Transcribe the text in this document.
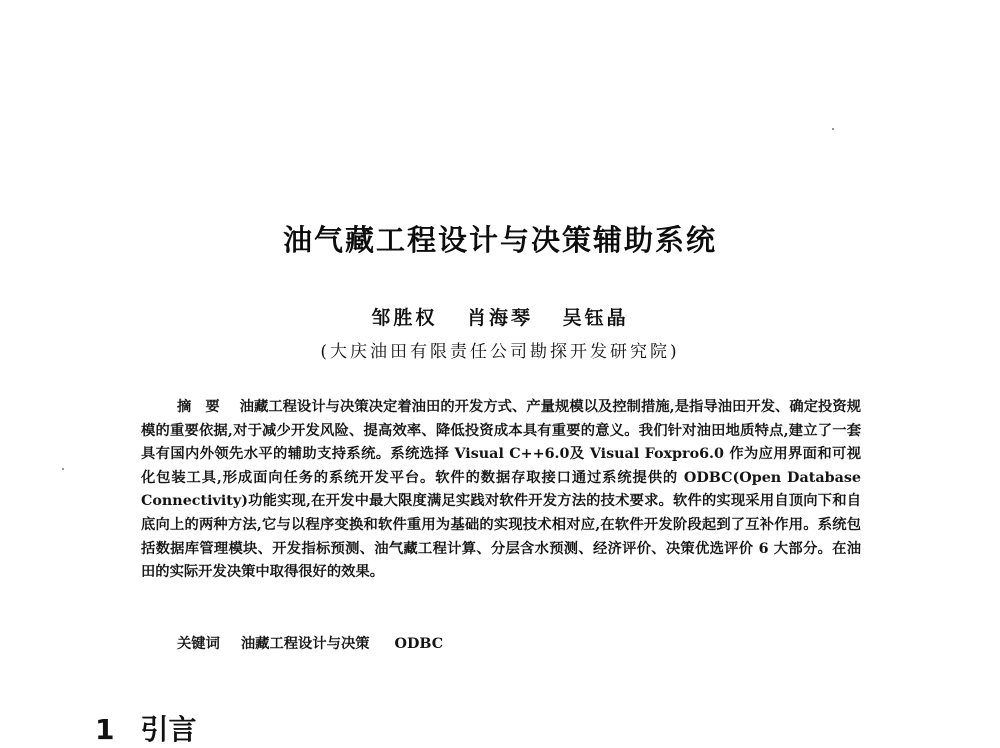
油气藏工程设计与决策辅助系统
邹胜权 肖海琴 吴钰晶
(大庆油田有限责任公司勘探开发研究院)

摘要 油藏工程设计与决策决定着油田的开发方式、产量规模以及控制措施,是指导油田开发、确定投资规模的重要依据,对于减少开发风险、提高效率、降低投资成本具有重要的意义。我们针对油田地质特点,建立了一套具有国内外领先水平的辅助支持系统。系统选择 Visual C++6.0及 Visual Foxpro6.0 作为应用界面和可视化包装工具,形成面向任务的系统开发平台。软件的数据存取接口通过系统提供的 ODBC(Open Database Connectivity)功能实现,在开发中最大限度满足实践对软件开发方法的技术要求。软件的实现采用自顶向下和自底向上的两种方法,它与以程序变换和软件重用为基础的实现技术相对应,在软件开发阶段起到了互补作用。系统包括数据库管理模块、开发指标预测、油气藏工程计算、分层含水预测、经济评价、决策优选评价 6 大部分。在油田的实际开发决策中取得很好的效果。

关键词 油藏工程设计与决策 ODBC
1 引言
